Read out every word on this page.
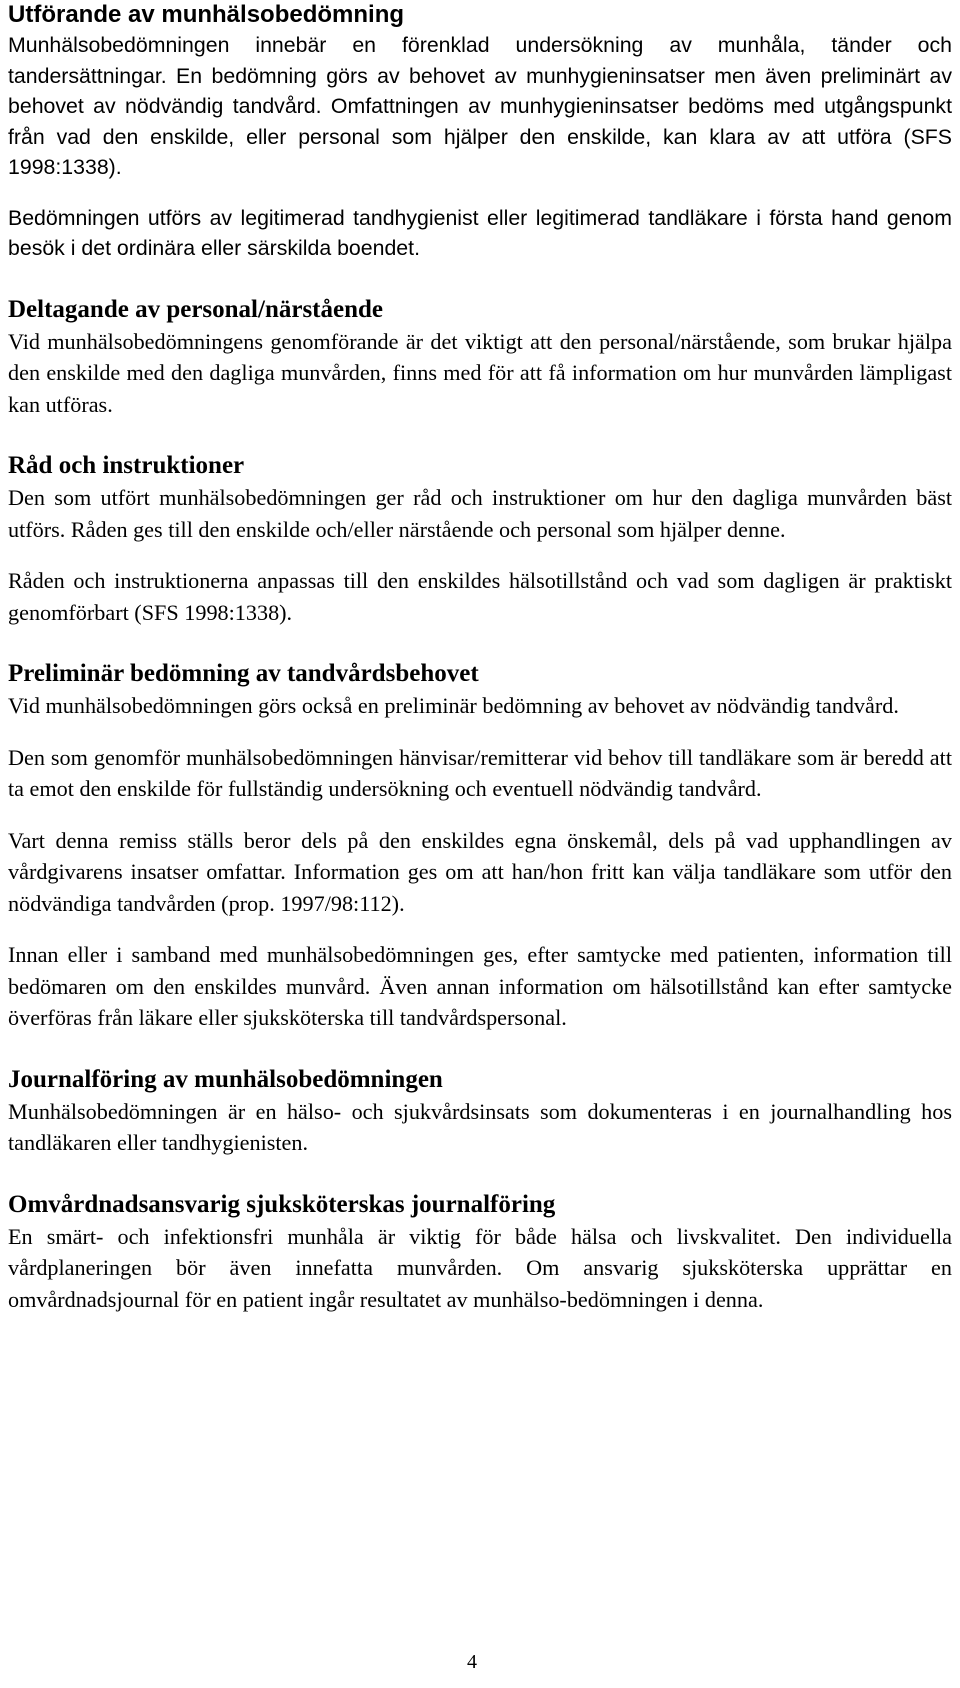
Utförande av munhälsobedömning

Munhälsobedömningen innebär en förenklad undersökning av munhåla, tänder och tandersättningar. En bedömning görs av behovet av munhygieninsatser men även preliminärt av behovet av nödvändig tandvård. Omfattningen av munhygieninsatser bedöms med utgångspunkt från vad den enskilde, eller personal som hjälper den enskilde, kan klara av att utföra (SFS 1998:1338).

Bedömningen utförs av legitimerad tandhygienist eller legitimerad tandläkare i första hand genom besök i det ordinära eller särskilda boendet.

Deltagande av personal/närstående

Vid munhälsobedömningens genomförande är det viktigt att den personal/närstående, som brukar hjälpa den enskilde med den dagliga munvården, finns med för att få information om hur munvården lämpligast kan utföras.

Råd och instruktioner

Den som utfört munhälsobedömningen ger råd och instruktioner om hur den dagliga munvården bäst utförs. Råden ges till den enskilde och/eller närstående och personal som hjälper denne.

Råden och instruktionerna anpassas till den enskildes hälsotillstånd och vad som dagligen är praktiskt genomförbart (SFS 1998:1338).

Preliminär bedömning av tandvårdsbehovet

Vid munhälsobedömningen görs också en preliminär bedömning av behovet av nödvändig tandvård.

Den som genomför munhälsobedömningen hänvisar/remitterar vid behov till tandläkare som är beredd att ta emot den enskilde för fullständig undersökning och eventuell nödvändig tandvård.

Vart denna remiss ställs beror dels på den enskildes egna önskemål, dels på vad upphandlingen av vårdgivarens insatser omfattar. Information ges om att han/hon fritt kan välja tandläkare som utför den nödvändiga tandvården (prop. 1997/98:112).

Innan eller i samband med munhälsobedömningen ges, efter samtycke med patienten, information till bedömaren om den enskildes munvård. Även annan information om hälsotillstånd kan efter samtycke överföras från läkare eller sjuksköterska till tandvårdspersonal.

Journalföring av munhälsobedömningen

Munhälsobedömningen är en hälso- och sjukvårdsinsats som dokumenteras i en journalhandling hos tandläkaren eller tandhygienisten.

Omvårdnadsansvarig sjuksköterskas journalföring

En smärt- och infektionsfri munhåla är viktig för både hälsa och livskvalitet. Den individuella vårdplaneringen bör även innefatta munvården. Om ansvarig sjuksköterska upprättar en omvårdnadsjournal för en patient ingår resultatet av munhälso-bedömningen i denna.

4
